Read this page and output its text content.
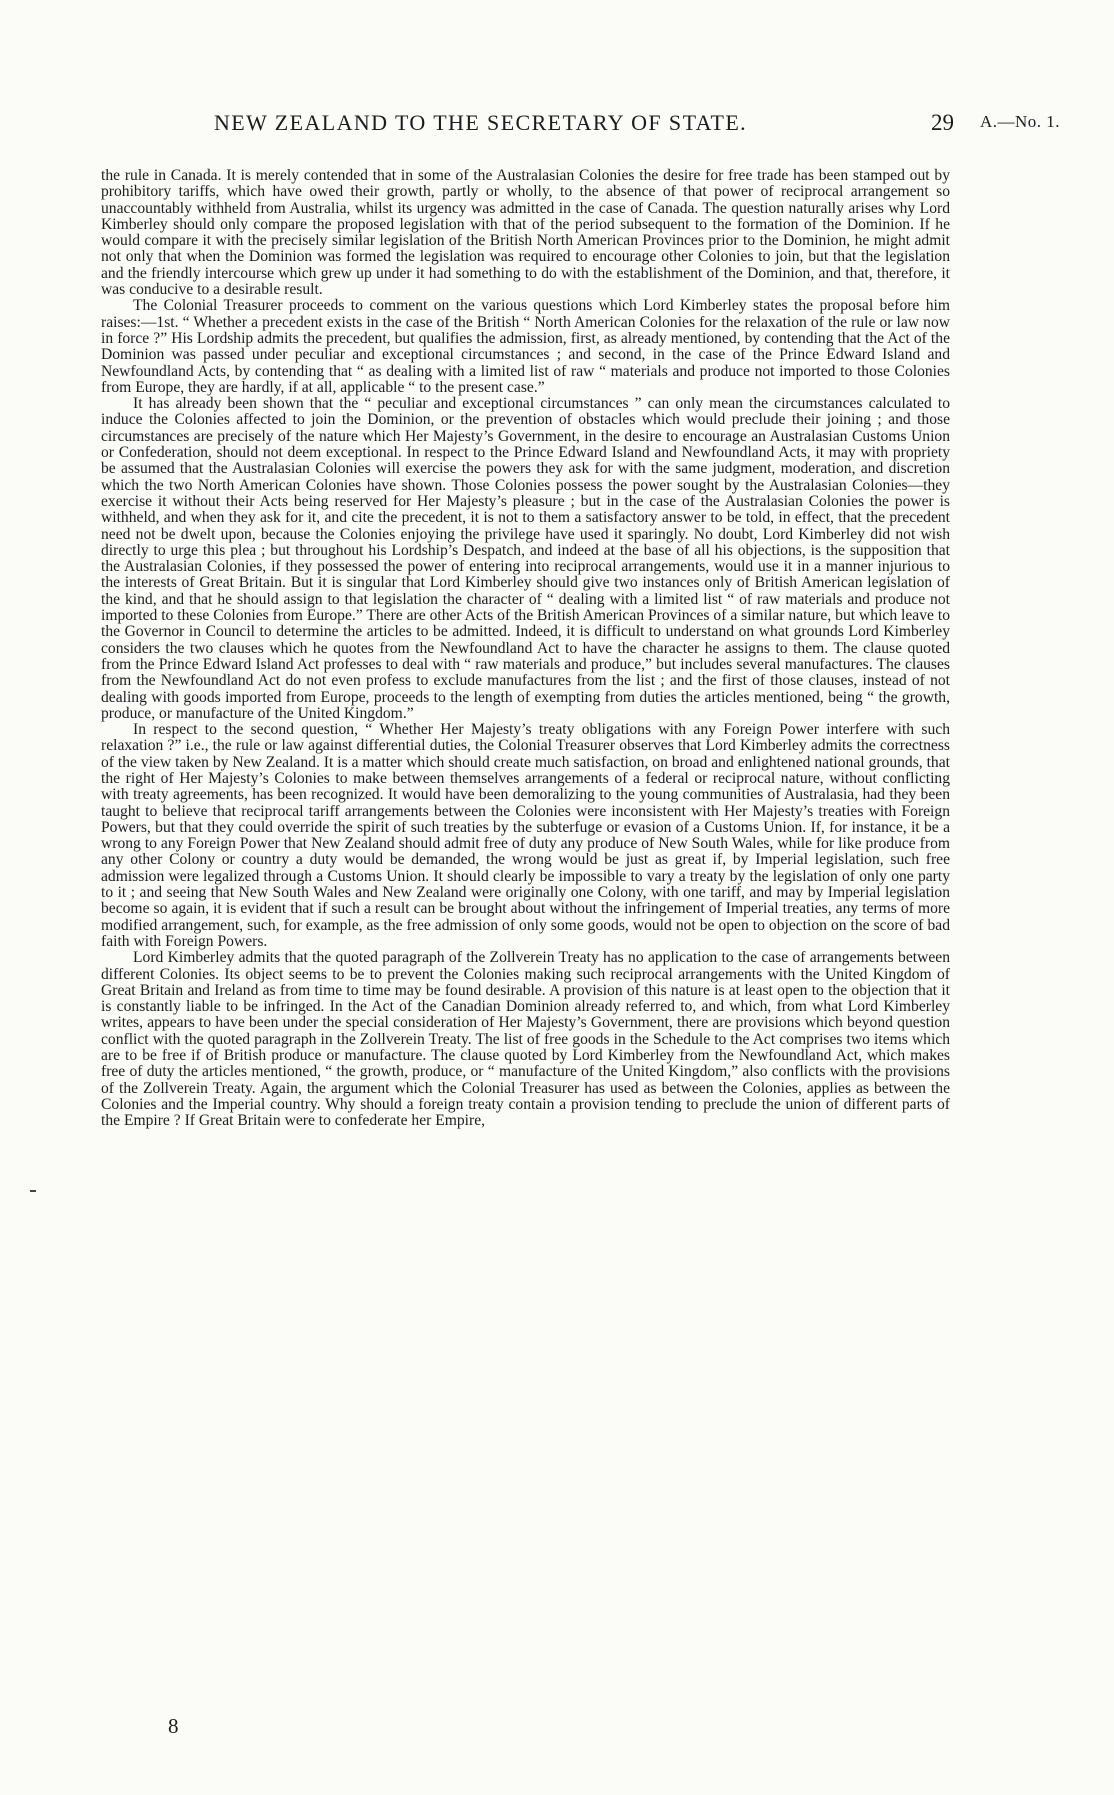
NEW ZEALAND TO THE SECRETARY OF STATE.	29 A.—No. 1.

the rule in Canada. It is merely contended that in some of the Australasian Colonies the desire for free trade has been stamped out by prohibitory tariffs, which have owed their growth, partly or wholly, to the absence of that power of reciprocal arrangement so unaccountably withheld from Australia, whilst its urgency was admitted in the case of Canada. The question naturally arises why Lord Kimberley should only compare the proposed legislation with that of the period subsequent to the formation of the Dominion. If he would compare it with the precisely similar legislation of the British North American Provinces prior to the Dominion, he might admit not only that when the Dominion was formed the legislation was required to encourage other Colonies to join, but that the legislation and the friendly intercourse which grew up under it had something to do with the establishment of the Dominion, and that, therefore, it was conducive to a desirable result.

The Colonial Treasurer proceeds to comment on the various questions which Lord Kimberley states the proposal before him raises:—1st. “ Whether a precedent exists in the case of the British “ North American Colonies for the relaxation of the rule or law now in force ?” His Lordship admits the precedent, but qualifies the admission, first, as already mentioned, by contending that the Act of the Dominion was passed under peculiar and exceptional circumstances ; and second, in the case of the Prince Edward Island and Newfoundland Acts, by contending that “ as dealing with a limited list of raw “ materials and produce not imported to those Colonies from Europe, they are hardly, if at all, applicable “ to the present case.”

It has already been shown that the “ peculiar and exceptional circumstances ” can only mean the circumstances calculated to induce the Colonies affected to join the Dominion, or the prevention of obstacles which would preclude their joining ; and those circumstances are precisely of the nature which Her Majesty’s Government, in the desire to encourage an Australasian Customs Union or Confederation, should not deem exceptional. In respect to the Prince Edward Island and Newfoundland Acts, it may with propriety be assumed that the Australasian Colonies will exercise the powers they ask for with the same judgment, moderation, and discretion which the two North American Colonies have shown. Those Colonies possess the power sought by the Australasian Colonies—they exercise it without their Acts being reserved for Her Majesty’s pleasure ; but in the case of the Australasian Colonies the power is withheld, and when they ask for it, and cite the precedent, it is not to them a satisfactory answer to be told, in effect, that the precedent need not be dwelt upon, because the Colonies enjoying the privilege have used it sparingly. No doubt, Lord Kimberley did not wish directly to urge this plea ; but throughout his Lordship’s Despatch, and indeed at the base of all his objections, is the supposition that the Australasian Colonies, if they possessed the power of entering into reciprocal arrangements, would use it in a manner injurious to the interests of Great Britain. But it is singular that Lord Kimberley should give two instances only of British American legislation of the kind, and that he should assign to that legislation the character of “ dealing with a limited list “ of raw materials and produce not imported to these Colonies from Europe.” There are other Acts of the British American Provinces of a similar nature, but which leave to the Governor in Council to determine the articles to be admitted. Indeed, it is difficult to understand on what grounds Lord Kimberley considers the two clauses which he quotes from the Newfoundland Act to have the character he assigns to them. The clause quoted from the Prince Edward Island Act professes to deal with “ raw materials and produce,” but includes several manufactures. The clauses from the Newfoundland Act do not even profess to exclude manufactures from the list ; and the first of those clauses, instead of not dealing with goods imported from Europe, proceeds to the length of exempting from duties the articles mentioned, being “ the growth, produce, or manufacture of the United Kingdom.”

In respect to the second question, “ Whether Her Majesty’s treaty obligations with any Foreign Power interfere with such relaxation ?” i.e., the rule or law against differential duties, the Colonial Treasurer observes that Lord Kimberley admits the correctness of the view taken by New Zealand. It is a matter which should create much satisfaction, on broad and enlightened national grounds, that the right of Her Majesty’s Colonies to make between themselves arrangements of a federal or reciprocal nature, without conflicting with treaty agreements, has been recognized. It would have been demoralizing to the young communities of Australasia, had they been taught to believe that reciprocal tariff arrangements between the Colonies were inconsistent with Her Majesty’s treaties with Foreign Powers, but that they could override the spirit of such treaties by the subterfuge or evasion of a Customs Union. If, for instance, it be a wrong to any Foreign Power that New Zealand should admit free of duty any produce of New South Wales, while for like produce from any other Colony or country a duty would be demanded, the wrong would be just as great if, by Imperial legislation, such free admission were legalized through a Customs Union. It should clearly be impossible to vary a treaty by the legislation of only one party to it ; and seeing that New South Wales and New Zealand were originally one Colony, with one tariff, and may by Imperial legislation become so again, it is evident that if such a result can be brought about without the infringement of Imperial treaties, any terms of more modified arrangement, such, for example, as the free admission of only some goods, would not be open to objection on the score of bad faith with Foreign Powers.

Lord Kimberley admits that the quoted paragraph of the Zollverein Treaty has no application to the case of arrangements between different Colonies. Its object seems to be to prevent the Colonies making such reciprocal arrangements with the United Kingdom of Great Britain and Ireland as from time to time may be found desirable. A provision of this nature is at least open to the objection that it is constantly liable to be infringed. In the Act of the Canadian Dominion already referred to, and which, from what Lord Kimberley writes, appears to have been under the special consideration of Her Majesty’s Government, there are provisions which beyond question conflict with the quoted paragraph in the Zollverein Treaty. The list of free goods in the Schedule to the Act comprises two items which are to be free if of British produce or manufacture. The clause quoted by Lord Kimberley from the Newfoundland Act, which makes free of duty the articles mentioned, “ the growth, produce, or “ manufacture of the United Kingdom,” also conflicts with the provisions of the Zollverein Treaty. Again, the argument which the Colonial Treasurer has used as between the Colonies, applies as between the Colonies and the Imperial country. Why should a foreign treaty contain a provision tending to preclude the union of different parts of the Empire ? If Great Britain were to confederate her Empire,

8
